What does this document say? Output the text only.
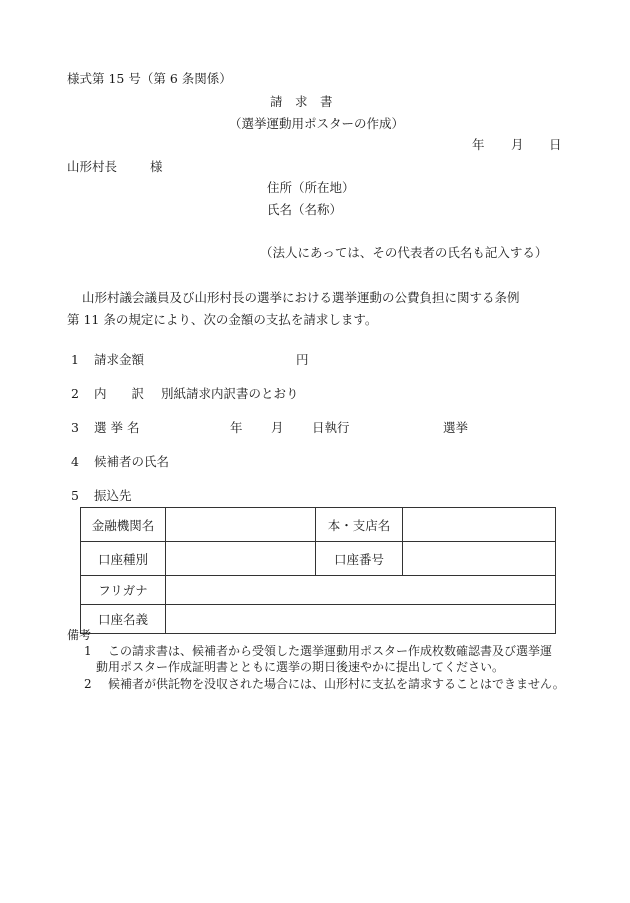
様式第 15 号（第 6 条関係）
請　求　書
（選挙運動用ポスターの作成）
年 月 日
山形村長	様
住所（所在地）
氏名（名称）
（法人にあっては、その代表者の氏名も記入する）
山形村議会議員及び山形村長の選挙における選挙運動の公費負担に関する条例
第 11 条の規定により、次の金額の支払を請求します。
1 請求金額	円
2 内　　訳 別紙請求内訳書のとおり
3 選 挙 名	年 月 日執行	選挙
4 候補者の氏名
5 振込先
金融機関名		本・支店名	
口座種別		口座番号	
フリガナ			
口座名義			
備考
1 この請求書は、候補者から受領した選挙運動用ポスター作成枚数確認書及び選挙運
動用ポスター作成証明書とともに選挙の期日後速やかに提出してください。
2 候補者が供託物を没収された場合には、山形村に支払を請求することはできません。
